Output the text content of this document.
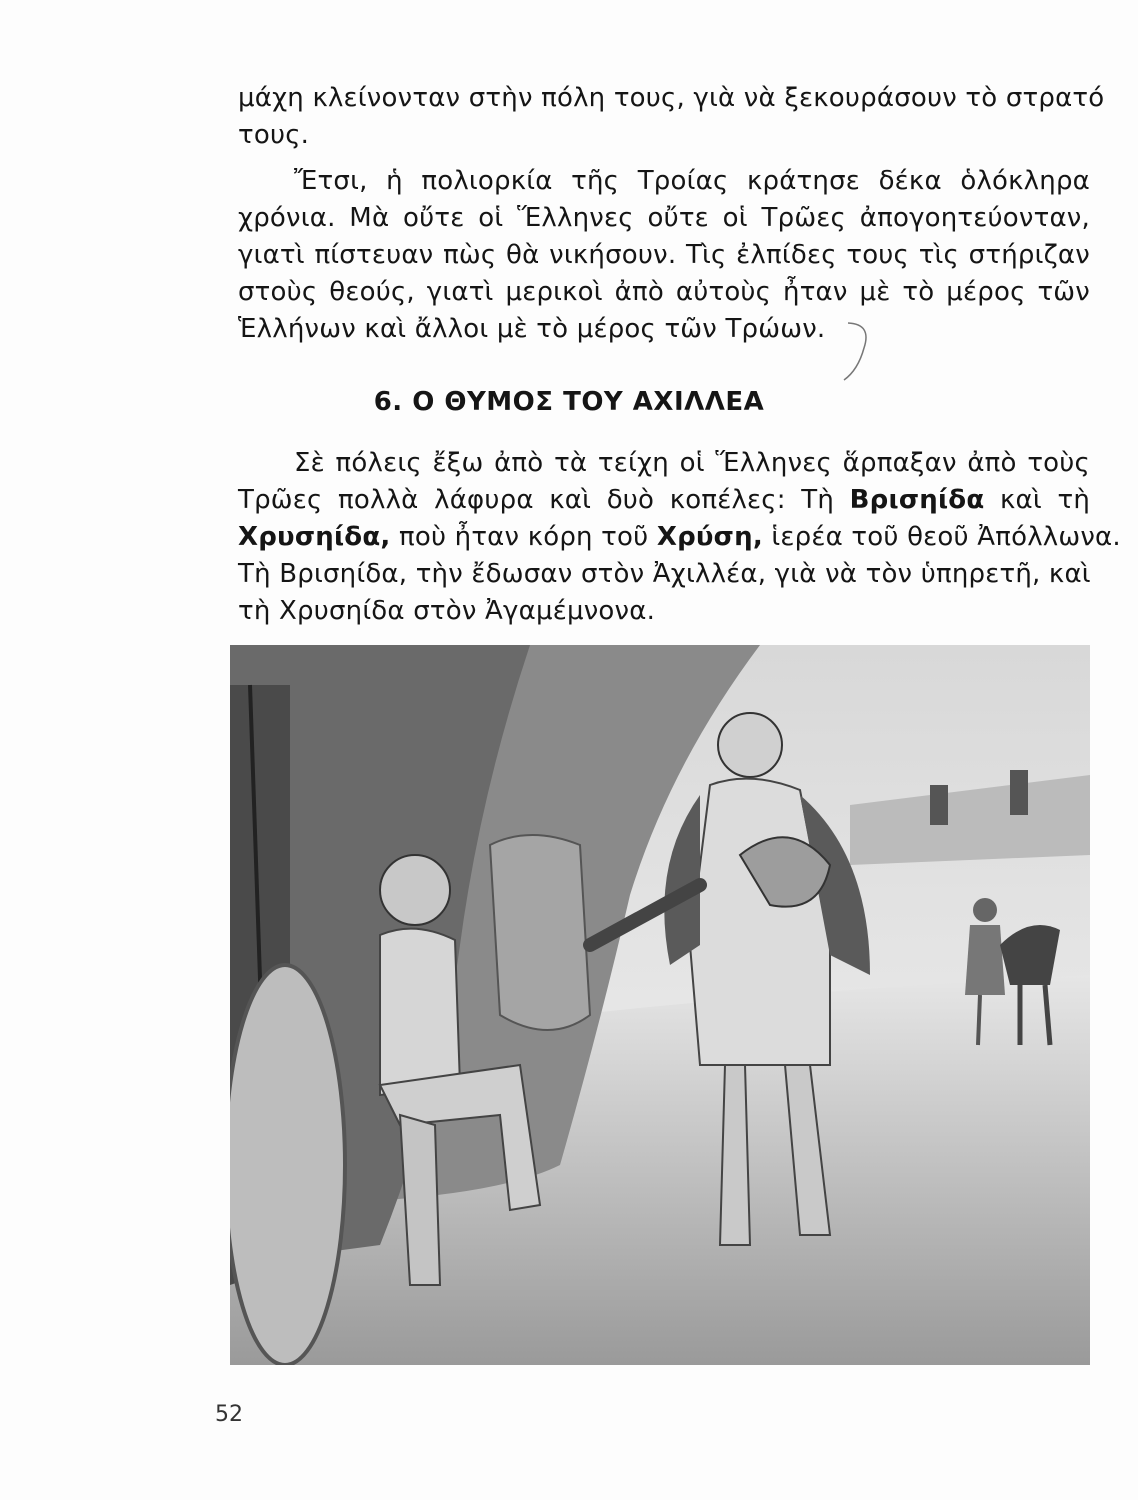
μάχη κλείνονταν στὴν πόλη τους, γιὰ νὰ ξεκουράσουν τὸ στρατό
τους.
Ἔτσι, ἡ πολιορκία τῆς Τροίας κράτησε δέκα ὁλόκληρα
χρόνια. Μὰ οὔτε οἱ Ἕλληνες οὔτε οἱ Τρῶες ἀπογοητεύονταν,
γιατὶ πίστευαν πὼς θὰ νικήσουν. Τὶς ἐλπίδες τους τὶς στήριζαν
στοὺς θεούς, γιατὶ μερικοὶ ἀπὸ αὐτοὺς ἦταν μὲ τὸ μέρος τῶν
Ἑλλήνων καὶ ἄλλοι μὲ τὸ μέρος τῶν Τρώων.
6. Ο ΘΥΜΟΣ ΤΟΥ ΑΧΙΛΛΕΑ
Σὲ πόλεις ἔξω ἀπὸ τὰ τείχη οἱ Ἕλληνες ἅρπαξαν ἀπὸ τοὺς
Τρῶες πολλὰ λάφυρα καὶ δυὸ κοπέλες: Τὴ Βρισηίδα καὶ τὴ
Χρυσηίδα, ποὺ ἦταν κόρη τοῦ Χρύση, ἱερέα τοῦ θεοῦ Ἀπόλλωνα.
Τὴ Βρισηίδα, τὴν ἔδωσαν στὸν Ἀχιλλέα, γιὰ νὰ τὸν ὑπηρετῆ, καὶ
τὴ Χρυσηίδα στὸν Ἀγαμέμνονα.
52
